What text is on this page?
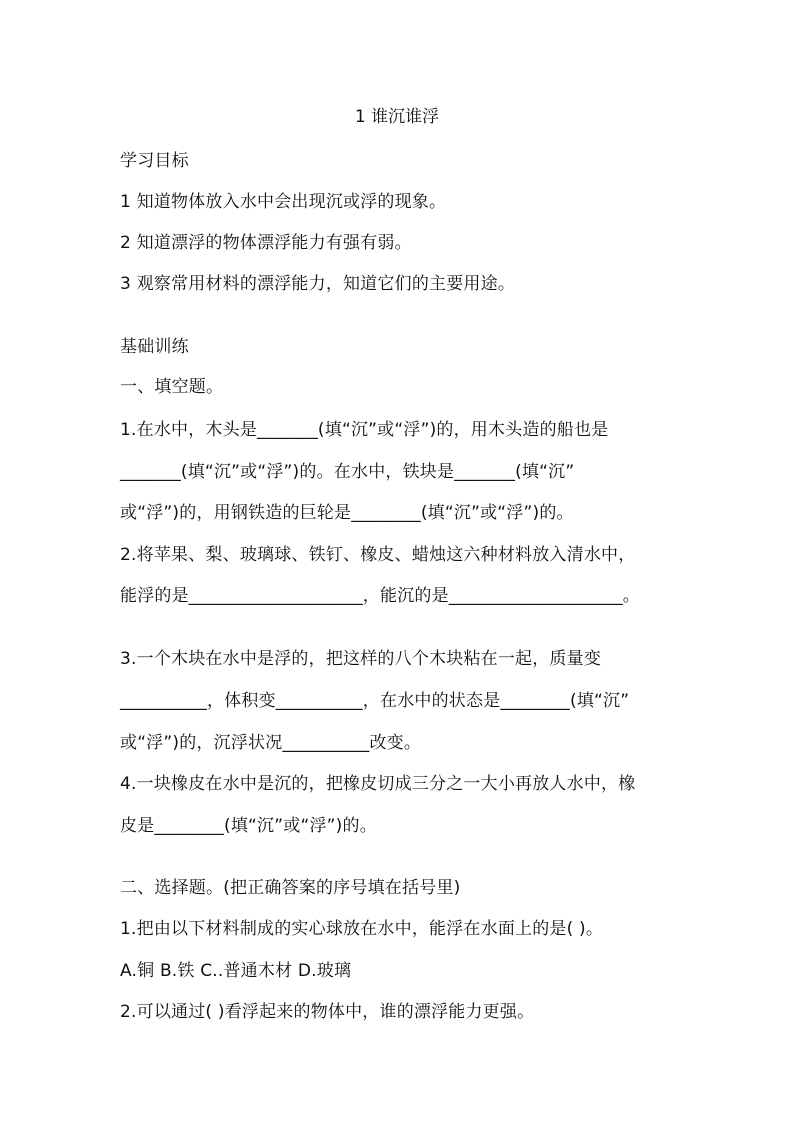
1 谁沉谁浮
学习目标
1 知道物体放入水中会出现沉或浮的现象。
2 知道漂浮的物体漂浮能力有强有弱。
3 观察常用材料的漂浮能力，知道它们的主要用途。
基础训练
一、填空题。
1.在水中，木头是_______(填“沉”或“浮”)的，用木头造的船也是
_______(填“沉”或“浮”)的。在水中，铁块是_______(填“沉”
或“浮”)的，用钢铁造的巨轮是________(填“沉”或“浮”)的。
2.将苹果、梨、玻璃球、铁钉、橡皮、蜡烛这六种材料放入清水中，
能浮的是____________________，能沉的是____________________。
3.一个木块在水中是浮的，把这样的八个木块粘在一起，质量变
__________，体积变__________，在水中的状态是________(填“沉”
或“浮”)的，沉浮状况__________改变。
4.一块橡皮在水中是沉的，把橡皮切成三分之一大小再放人水中，橡
皮是________(填“沉”或“浮”)的。
二、选择题。(把正确答案的序号填在括号里)
1.把由以下材料制成的实心球放在水中，能浮在水面上的是( )。
A.铜 B.铁 C..普通木材 D.玻璃
2.可以通过( )看浮起来的物体中，谁的漂浮能力更强。
